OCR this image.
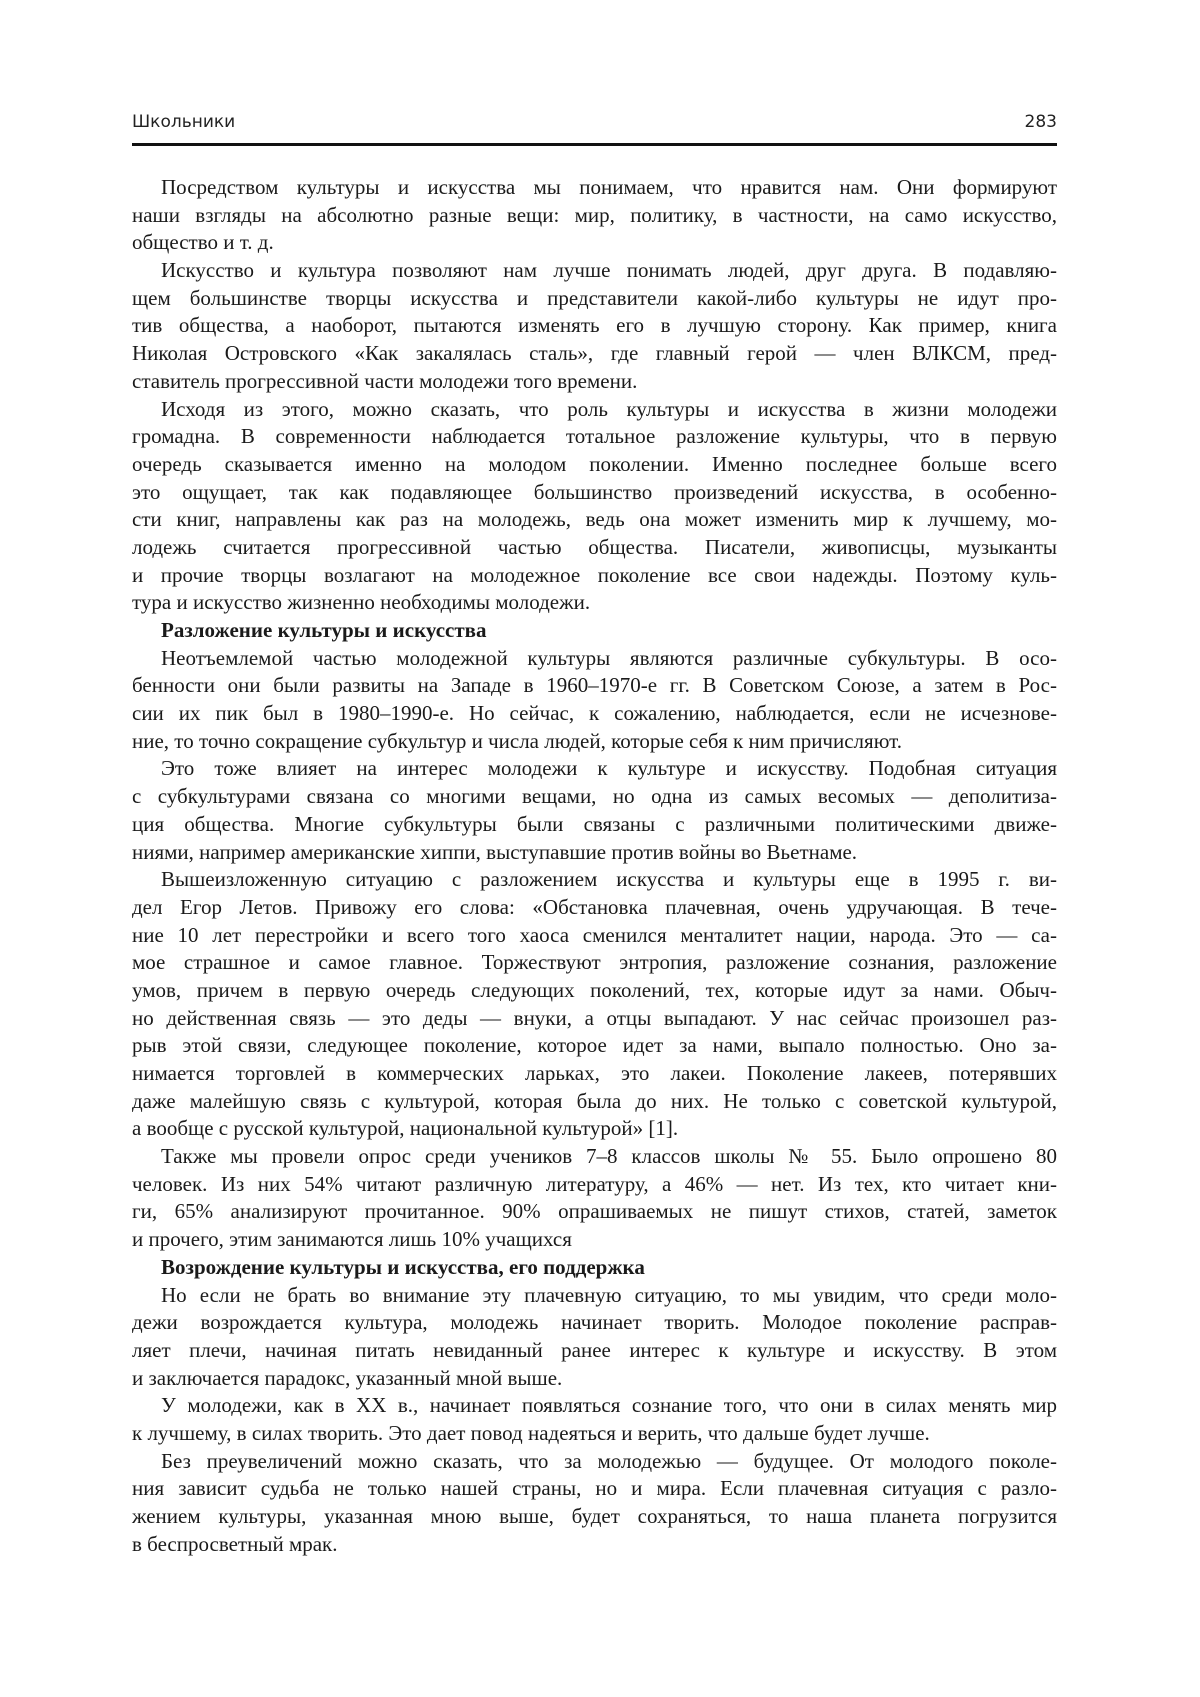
Школьники	283
Посредством культуры и искусства мы понимаем, что нравится нам. Они формируют
наши взгляды на абсолютно разные вещи: мир, политику, в частности, на само искусство,
общество и т. д.
Искусство и культура позволяют нам лучше понимать людей, друг друга. В подавляю-
щем большинстве творцы искусства и представители какой-либо культуры не идут про-
тив общества, а наоборот, пытаются изменять его в лучшую сторону. Как пример, книга
Николая Островского «Как закалялась сталь», где главный герой — член ВЛКСМ, пред-
ставитель прогрессивной части молодежи того времени.
Исходя из этого, можно сказать, что роль культуры и искусства в жизни молодежи
громадна. В современности наблюдается тотальное разложение культуры, что в первую
очередь сказывается именно на молодом поколении. Именно последнее больше всего
это ощущает, так как подавляющее большинство произведений искусства, в особенно-
сти книг, направлены как раз на молодежь, ведь она может изменить мир к лучшему, мо-
лодежь считается прогрессивной частью общества. Писатели, живописцы, музыканты
и прочие творцы возлагают на молодежное поколение все свои надежды. Поэтому куль-
тура и искусство жизненно необходимы молодежи.
Разложение культуры и искусства
Неотъемлемой частью молодежной культуры являются различные субкультуры. В осо-
бенности они были развиты на Западе в 1960–1970-е гг. В Советском Союзе, а затем в Рос-
сии их пик был в 1980–1990-е. Но сейчас, к сожалению, наблюдается, если не исчезнове-
ние, то точно сокращение субкультур и числа людей, которые себя к ним причисляют.
Это тоже влияет на интерес молодежи к культуре и искусству. Подобная ситуация
с субкультурами связана со многими вещами, но одна из самых весомых — деполитиза-
ция общества. Многие субкультуры были связаны с различными политическими движе-
ниями, например американские хиппи, выступавшие против войны во Вьетнаме.
Вышеизложенную ситуацию с разложением искусства и культуры еще в 1995 г. ви-
дел Егор Летов. Привожу его слова: «Обстановка плачевная, очень удручающая. В тече-
ние 10 лет перестройки и всего того хаоса сменился менталитет нации, народа. Это — са-
мое страшное и самое главное. Торжествуют энтропия, разложение сознания, разложение
умов, причем в первую очередь следующих поколений, тех, которые идут за нами. Обыч-
но действенная связь — это деды — внуки, а отцы выпадают. У нас сейчас произошел раз-
рыв этой связи, следующее поколение, которое идет за нами, выпало полностью. Оно за-
нимается торговлей в коммерческих ларьках, это лакеи. Поколение лакеев, потерявших
даже малейшую связь с культурой, которая была до них. Не только с советской культурой,
а вообще с русской культурой, национальной культурой» [1].
Также мы провели опрос среди учеников 7–8 классов школы № 55. Было опрошено 80
человек. Из них 54% читают различную литературу, а 46% — нет. Из тех, кто читает кни-
ги, 65% анализируют прочитанное. 90% опрашиваемых не пишут стихов, статей, заметок
и прочего, этим занимаются лишь 10% учащихся
Возрождение культуры и искусства, его поддержка
Но если не брать во внимание эту плачевную ситуацию, то мы увидим, что среди моло-
дежи возрождается культура, молодежь начинает творить. Молодое поколение расправ-
ляет плечи, начиная питать невиданный ранее интерес к культуре и искусству. В этом
и заключается парадокс, указанный мной выше.
У молодежи, как в XX в., начинает появляться сознание того, что они в силах менять мир
к лучшему, в силах творить. Это дает повод надеяться и верить, что дальше будет лучше.
Без преувеличений можно сказать, что за молодежью — будущее. От молодого поколе-
ния зависит судьба не только нашей страны, но и мира. Если плачевная ситуация с разло-
жением культуры, указанная мною выше, будет сохраняться, то наша планета погрузится
в беспросветный мрак.
